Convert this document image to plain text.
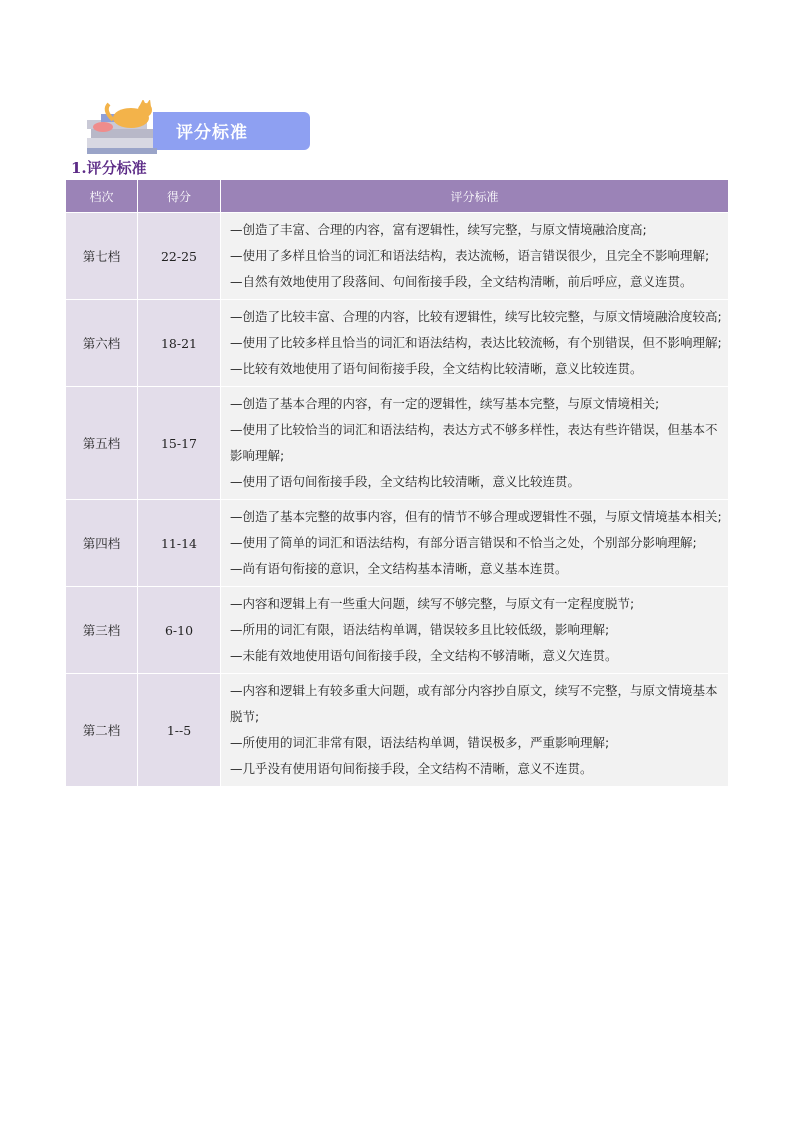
评分标准
1.评分标准
档次	得分	评分标准
第七档	22-25	—创造了丰富、合理的内容，富有逻辑性，续写完整，与原文情境融洽度高;
—使用了多样且恰当的词汇和语法结构，表达流畅，语言错误很少，且完全不影响理解;
—自然有效地使用了段落间、句间衔接手段，全文结构清晰，前后呼应，意义连贯。

第六档	18-21	—创造了比较丰富、合理的内容，比较有逻辑性，续写比较完整，与原文情境融洽度较高;
—使用了比较多样且恰当的词汇和语法结构，表达比较流畅，有个别错误，但不影响理解;
—比较有效地使用了语句间衔接手段，全文结构比较清晰，意义比较连贯。

第五档	15-17	—创造了基本合理的内容，有一定的逻辑性，续写基本完整，与原文情境相关;
—使用了比较恰当的词汇和语法结构，表达方式不够多样性，表达有些许错误，但基本不影响理解;
—使用了语句间衔接手段，全文结构比较清晰，意义比较连贯。

第四档	11-14	—创造了基本完整的故事内容，但有的情节不够合理或逻辑性不强，与原文情境基本相关;
—使用了简单的词汇和语法结构，有部分语言错误和不恰当之处，个别部分影响理解;
—尚有语句衔接的意识，全文结构基本清晰，意义基本连贯。

第三档	6-10	—内容和逻辑上有一些重大问题，续写不够完整，与原文有一定程度脱节;
—所用的词汇有限，语法结构单调，错误较多且比较低级，影响理解;
—未能有效地使用语句间衔接手段，全文结构不够清晰，意义欠连贯。

第二档	1--5	—内容和逻辑上有较多重大问题，或有部分内容抄自原文，续写不完整，与原文情境基本脱节;
—所使用的词汇非常有限，语法结构单调，错误极多，严重影响理解;
—几乎没有使用语句间衔接手段，全文结构不清晰，意义不连贯。
